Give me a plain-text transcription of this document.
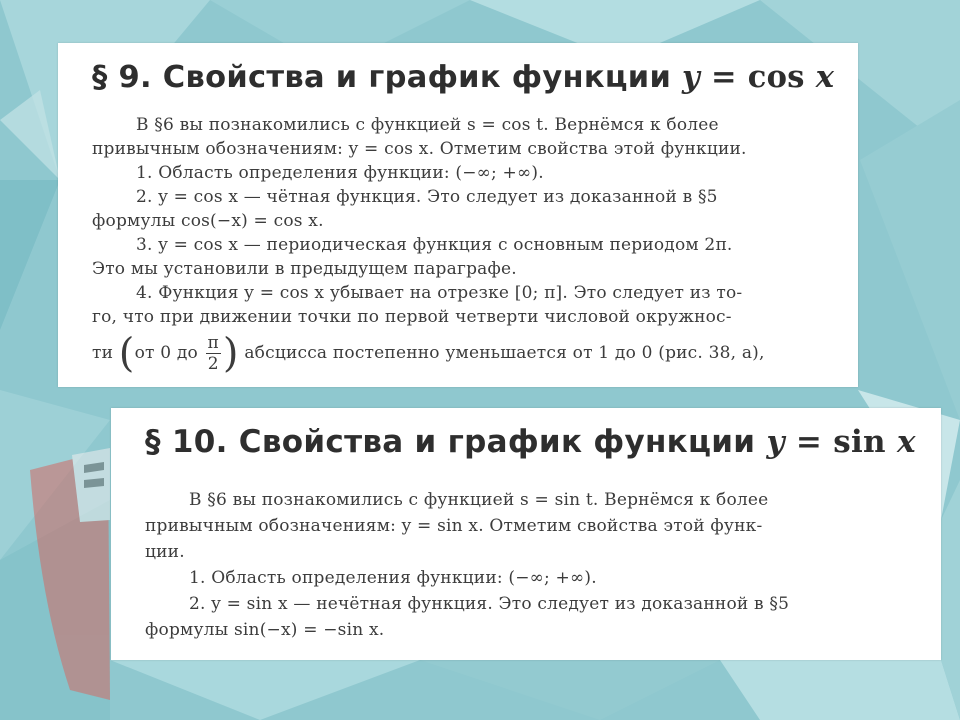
§ 9. Свойства и график функции y = cos x
В §6 вы познакомились с функцией s = cos t. Вернёмся к более
привычным обозначениям: y = cos x. Отметим свойства этой функции.
1. Область определения функции: (−∞; +∞).
2. y = cos x — чётная функция. Это следует из доказанной в §5
формулы cos(−x) = cos x.
3. y = cos x — периодическая функция с основным периодом 2π.
Это мы установили в предыдущем параграфе.
4. Функция y = cos x убывает на отрезке [0; π]. Это следует из то-
го, что при движении точки по первой четверти числовой окружнос-
ти (от 0 до $\frac{\pi}{2}$ ) абсцисса постепенно уменьшается от 1 до 0 (рис. 38, а),
§ 10. Свойства и график функции y = sin x
В §6 вы познакомились с функцией s = sin t. Вернёмся к более
привычным обозначениям: y = sin x. Отметим свойства этой функ-
ции.
1. Область определения функции: (−∞; +∞).
2. y = sin x — нечётная функция. Это следует из доказанной в §5
формулы sin(−x) = −sin x.
